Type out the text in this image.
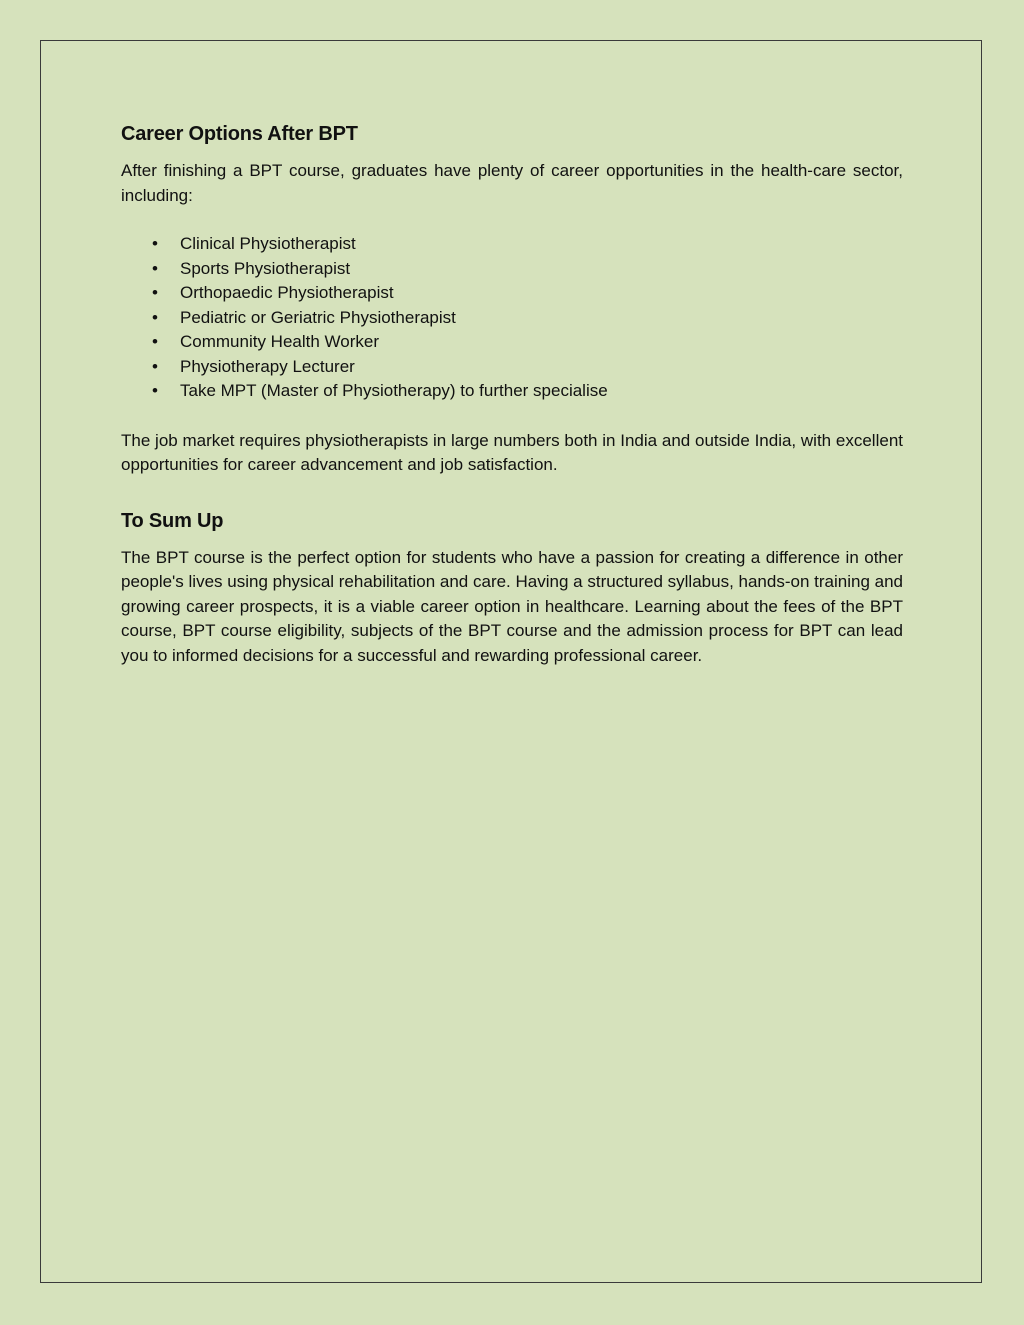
Career Options After BPT

After finishing a BPT course, graduates have plenty of career opportunities in the health-care sector, including:

• Clinical Physiotherapist
• Sports Physiotherapist
• Orthopaedic Physiotherapist
• Pediatric or Geriatric Physiotherapist
• Community Health Worker
• Physiotherapy Lecturer
• Take MPT (Master of Physiotherapy) to further specialise

The job market requires physiotherapists in large numbers both in India and outside India, with excellent opportunities for career advancement and job satisfaction.

To Sum Up

The BPT course is the perfect option for students who have a passion for creating a difference in other people's lives using physical rehabilitation and care. Having a structured syllabus, hands-on training and growing career prospects, it is a viable career option in healthcare. Learning about the fees of the BPT course, BPT course eligibility, subjects of the BPT course and the admission process for BPT can lead you to informed decisions for a successful and rewarding professional career.
